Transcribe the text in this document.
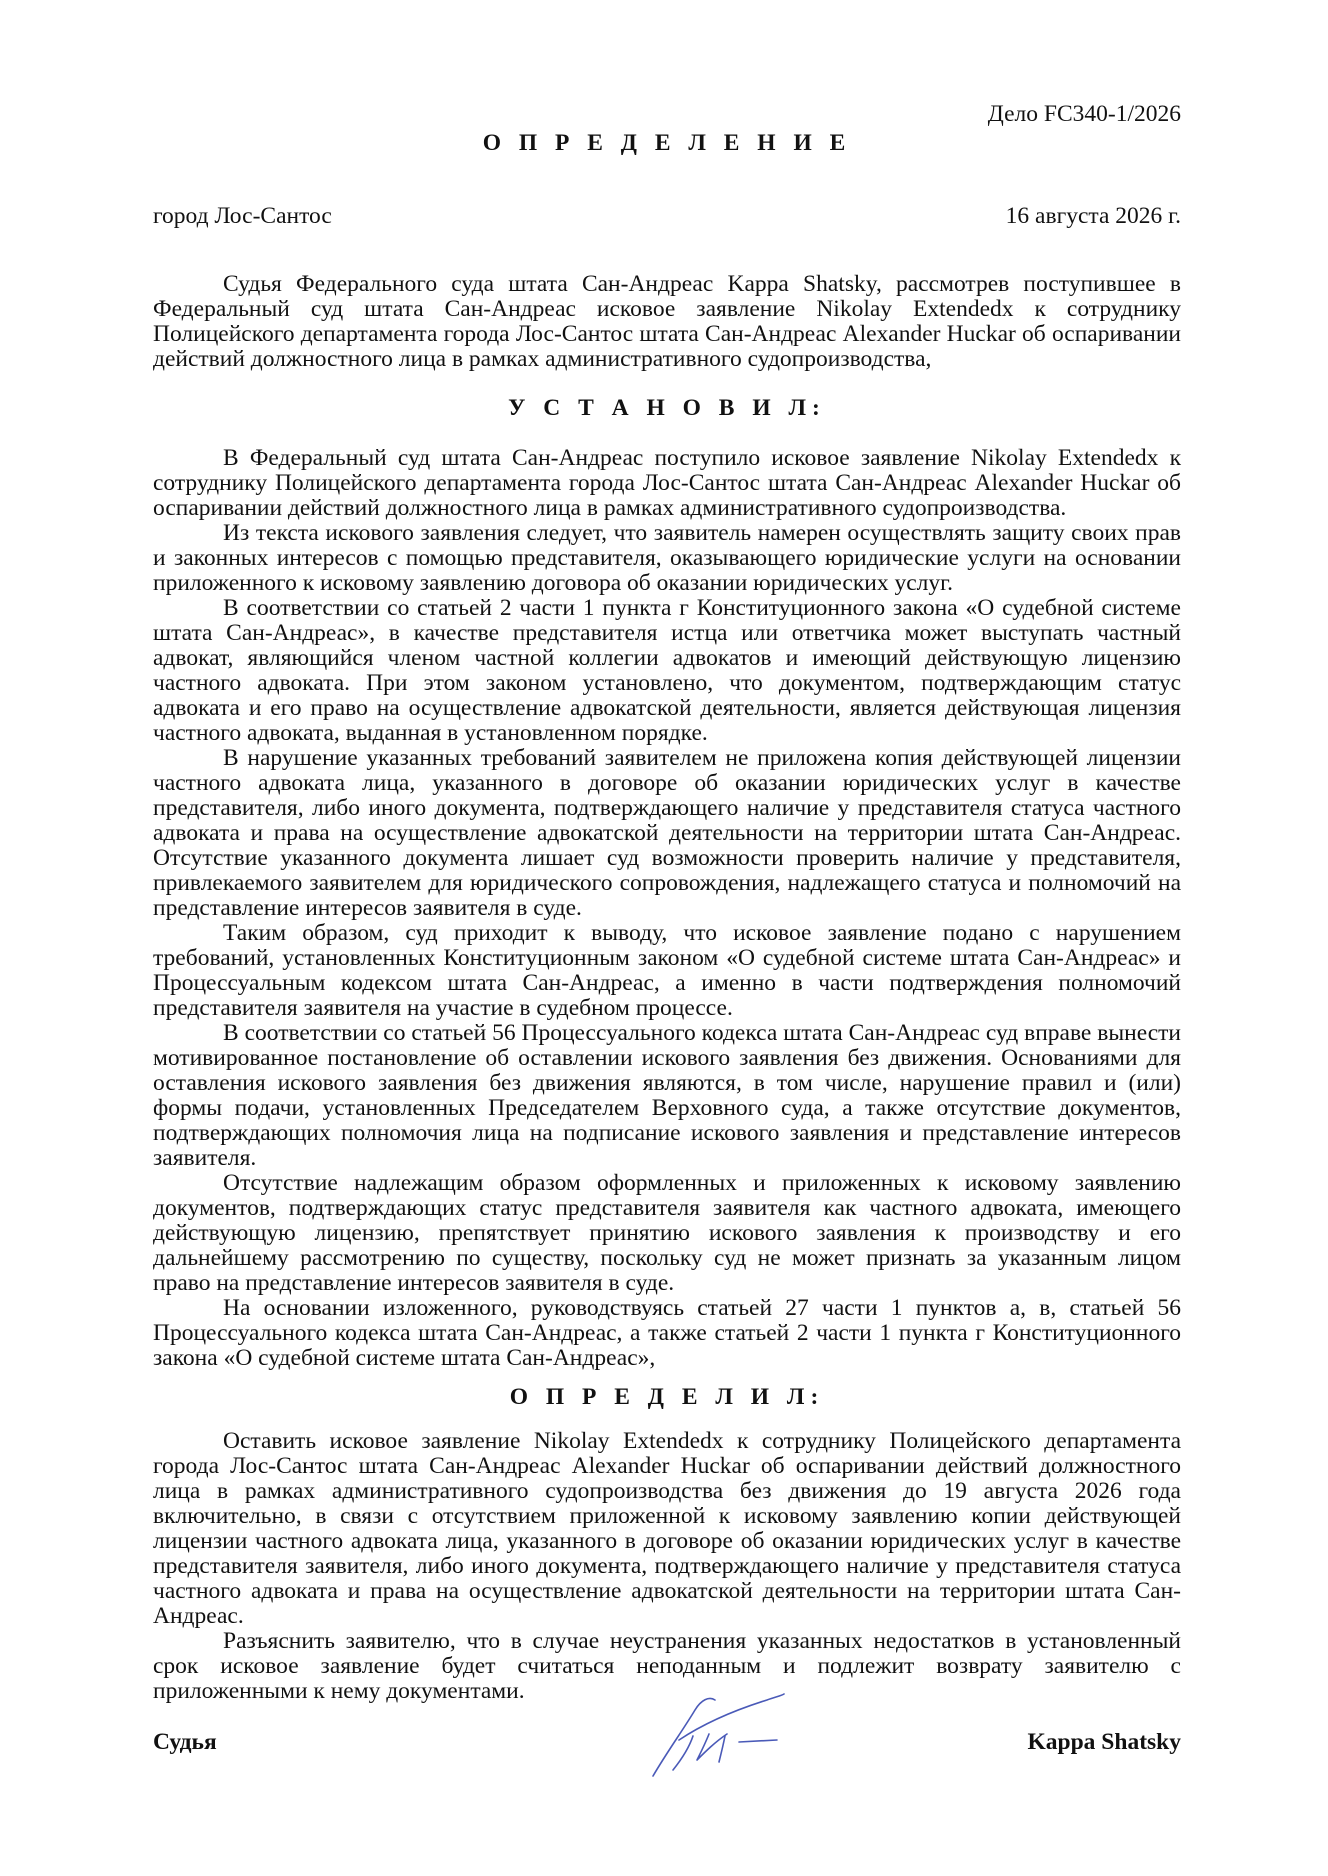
Дело FC340-1/2026
О П Р Е Д Е Л Е Н И Е
город Лос-Сантос	16 августа 2026 г.

Судья Федерального суда штата Сан-Андреас Kappa Shatsky, рассмотрев поступившее в Федеральный суд штата Сан-Андреас исковое заявление Nikolay Extendedx к сотруднику Полицейского департамента города Лос-Сантос штата Сан-Андреас Alexander Huckar об оспаривании действий должностного лица в рамках административного судопроизводства,

У С Т А Н О В И Л:

В Федеральный суд штата Сан-Андреас поступило исковое заявление Nikolay Extendedx к сотруднику Полицейского департамента города Лос-Сантос штата Сан-Андреас Alexander Huckar об оспаривании действий должностного лица в рамках административного судопроизводства.

Из текста искового заявления следует, что заявитель намерен осуществлять защиту своих прав и законных интересов с помощью представителя, оказывающего юридические услуги на основании приложенного к исковому заявлению договора об оказании юридических услуг.

В соответствии со статьей 2 части 1 пункта г Конституционного закона «О судебной системе штата Сан-Андреас», в качестве представителя истца или ответчика может выступать частный адвокат, являющийся членом частной коллегии адвокатов и имеющий действующую лицензию частного адвоката. При этом законом установлено, что документом, подтверждающим статус адвоката и его право на осуществление адвокатской деятельности, является действующая лицензия частного адвоката, выданная в установленном порядке.

В нарушение указанных требований заявителем не приложена копия действующей лицензии частного адвоката лица, указанного в договоре об оказании юридических услуг в качестве представителя, либо иного документа, подтверждающего наличие у представителя статуса частного адвоката и права на осуществление адвокатской деятельности на территории штата Сан-Андреас. Отсутствие указанного документа лишает суд возможности проверить наличие у представителя, привлекаемого заявителем для юридического сопровождения, надлежащего статуса и полномочий на представление интересов заявителя в суде.

Таким образом, суд приходит к выводу, что исковое заявление подано с нарушением требований, установленных Конституционным законом «О судебной системе штата Сан-Андреас» и Процессуальным кодексом штата Сан-Андреас, а именно в части подтверждения полномочий представителя заявителя на участие в судебном процессе.

В соответствии со статьей 56 Процессуального кодекса штата Сан-Андреас суд вправе вынести мотивированное постановление об оставлении искового заявления без движения. Основаниями для оставления искового заявления без движения являются, в том числе, нарушение правил и (или) формы подачи, установленных Председателем Верховного суда, а также отсутствие документов, подтверждающих полномочия лица на подписание искового заявления и представление интересов заявителя.

Отсутствие надлежащим образом оформленных и приложенных к исковому заявлению документов, подтверждающих статус представителя заявителя как частного адвоката, имеющего действующую лицензию, препятствует принятию искового заявления к производству и его дальнейшему рассмотрению по существу, поскольку суд не может признать за указанным лицом право на представление интересов заявителя в суде.

На основании изложенного, руководствуясь статьей 27 части 1 пунктов а, в, статьей 56 Процессуального кодекса штата Сан-Андреас, а также статьей 2 части 1 пункта г Конституционного закона «О судебной системе штата Сан-Андреас»,

О П Р Е Д Е Л И Л:

Оставить исковое заявление Nikolay Extendedx к сотруднику Полицейского департамента города Лос-Сантос штата Сан-Андреас Alexander Huckar об оспаривании действий должностного лица в рамках административного судопроизводства без движения до 19 августа 2026 года включительно, в связи с отсутствием приложенной к исковому заявлению копии действующей лицензии частного адвоката лица, указанного в договоре об оказании юридических услуг в качестве представителя заявителя, либо иного документа, подтверждающего наличие у представителя статуса частного адвоката и права на осуществление адвокатской деятельности на территории штата Сан-Андреас.

Разъяснить заявителю, что в случае неустранения указанных недостатков в установленный срок исковое заявление будет считаться неподанным и подлежит возврату заявителю с приложенными к нему документами.

Судья	Kappa Shatsky
